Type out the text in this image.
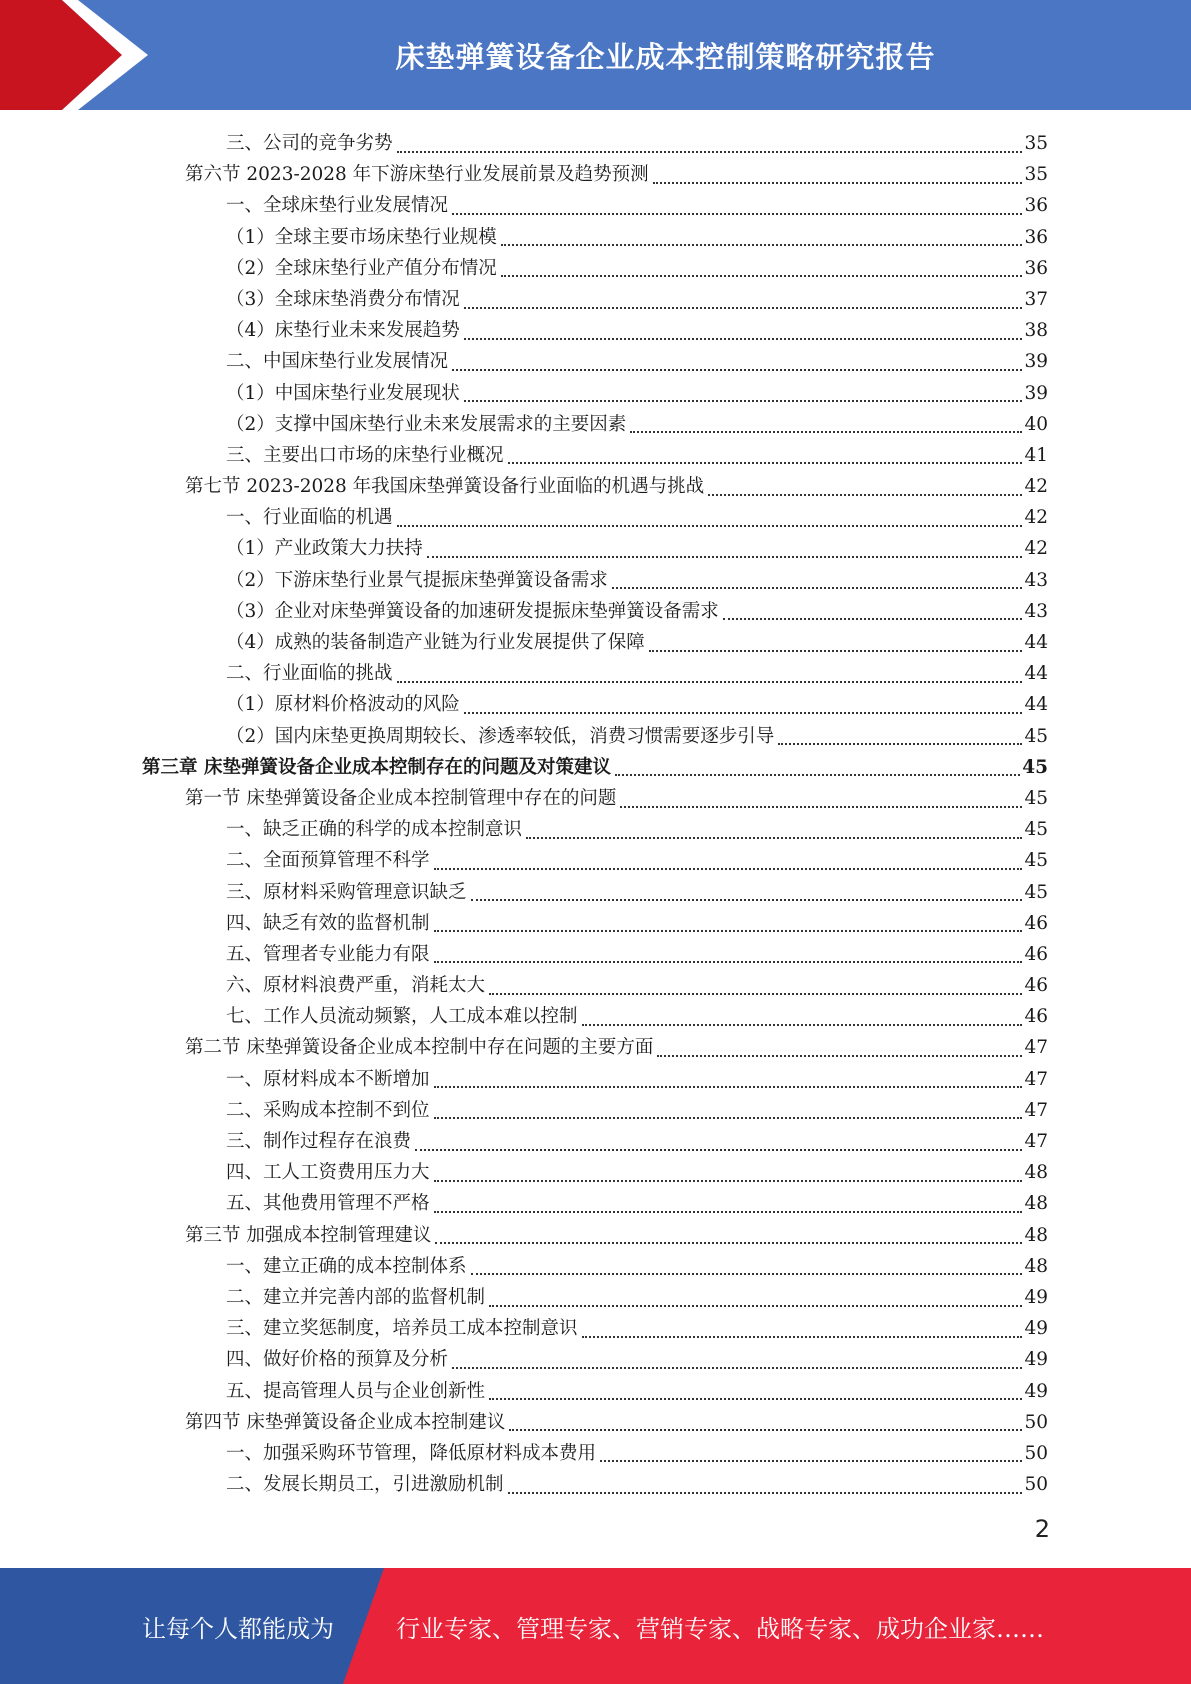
床垫弹簧设备企业成本控制策略研究报告
三、公司的竞争劣势	35
第六节 2023-2028 年下游床垫行业发展前景及趋势预测	35
一、全球床垫行业发展情况	36
（1）全球主要市场床垫行业规模	36
（2）全球床垫行业产值分布情况	36
（3）全球床垫消费分布情况	37
（4）床垫行业未来发展趋势	38
二、中国床垫行业发展情况	39
（1）中国床垫行业发展现状	39
（2）支撑中国床垫行业未来发展需求的主要因素	40
三、主要出口市场的床垫行业概况	41
第七节 2023-2028 年我国床垫弹簧设备行业面临的机遇与挑战	42
一、行业面临的机遇	42
（1）产业政策大力扶持	42
（2）下游床垫行业景气提振床垫弹簧设备需求	43
（3）企业对床垫弹簧设备的加速研发提振床垫弹簧设备需求	43
（4）成熟的装备制造产业链为行业发展提供了保障	44
二、行业面临的挑战	44
（1）原材料价格波动的风险	44
（2）国内床垫更换周期较长、渗透率较低，消费习惯需要逐步引导	45
第三章 床垫弹簧设备企业成本控制存在的问题及对策建议	45
第一节 床垫弹簧设备企业成本控制管理中存在的问题	45
一、缺乏正确的科学的成本控制意识	45
二、全面预算管理不科学	45
三、原材料采购管理意识缺乏	45
四、缺乏有效的监督机制	46
五、管理者专业能力有限	46
六、原材料浪费严重，消耗太大	46
七、工作人员流动频繁，人工成本难以控制	46
第二节 床垫弹簧设备企业成本控制中存在问题的主要方面	47
一、原材料成本不断增加	47
二、采购成本控制不到位	47
三、制作过程存在浪费	47
四、工人工资费用压力大	48
五、其他费用管理不严格	48
第三节 加强成本控制管理建议	48
一、建立正确的成本控制体系	48
二、建立并完善内部的监督机制	49
三、建立奖惩制度，培养员工成本控制意识	49
四、做好价格的预算及分析	49
五、提高管理人员与企业创新性	49
第四节 床垫弹簧设备企业成本控制建议	50
一、加强采购环节管理，降低原材料成本费用	50
二、发展长期员工，引进激励机制	50
2
让每个人都能成为	行业专家、管理专家、营销专家、战略专家、成功企业家……
